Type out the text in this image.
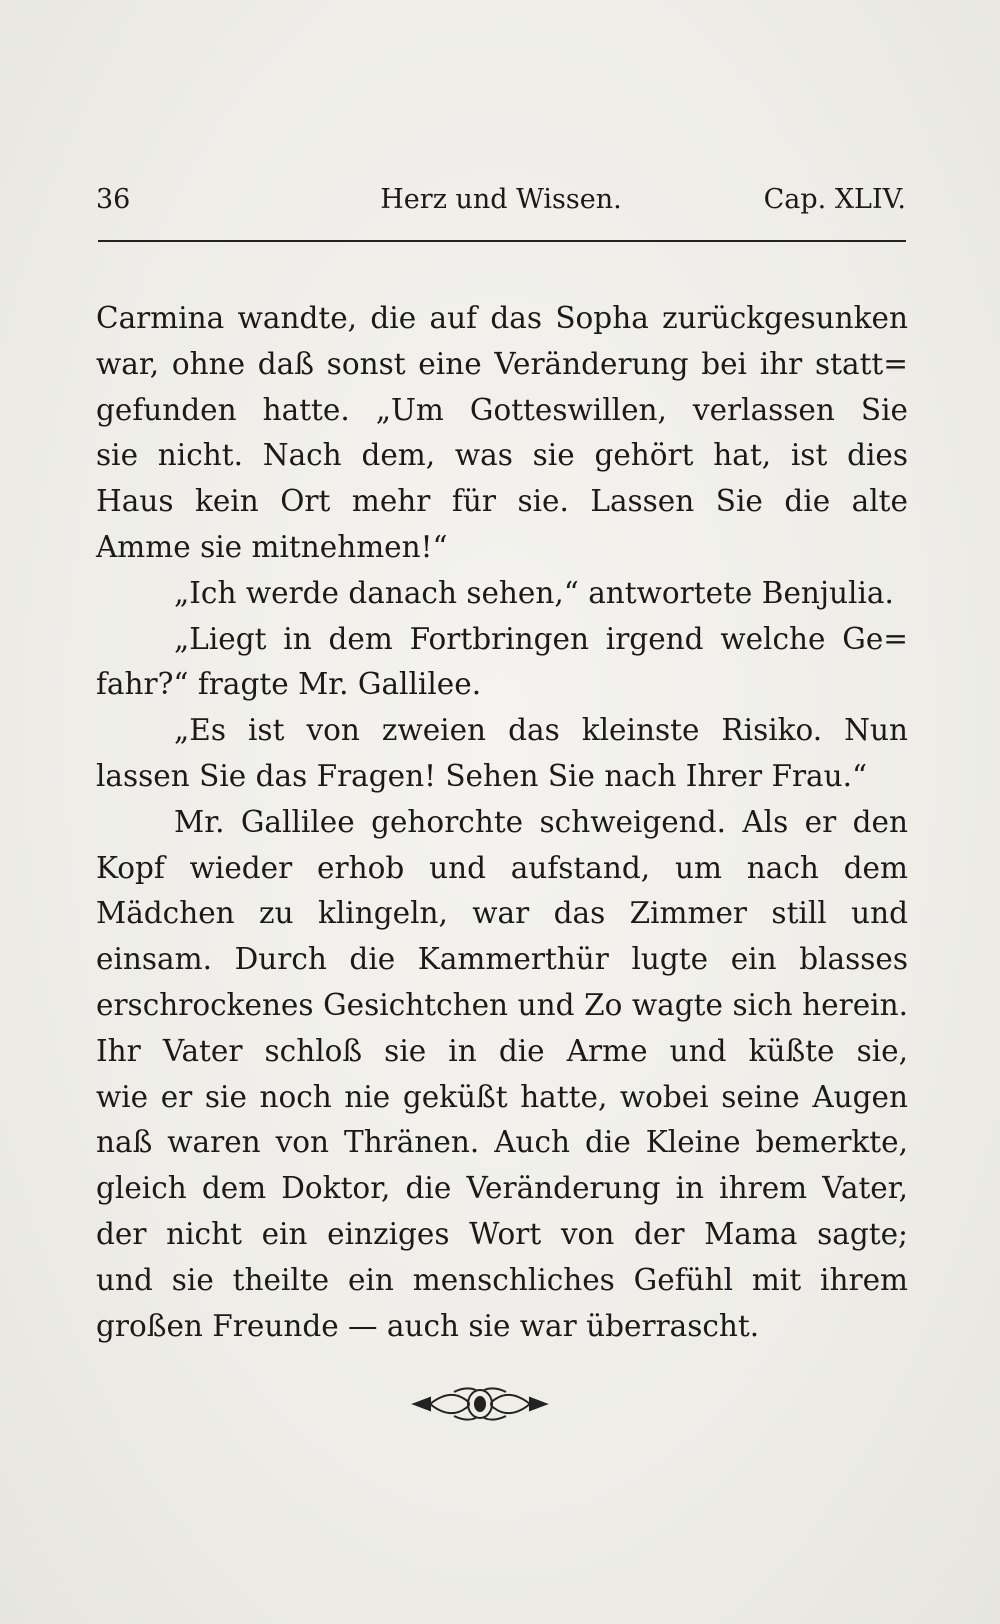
Herz und Wissen.
36	Cap. XLIV.
Carmina wandte, die auf das Sopha zurückgesunken
war, ohne daß sonst eine Veränderung bei ihr statt=
gefunden hatte. „Um Gotteswillen, verlassen Sie
sie nicht. Nach dem, was sie gehört hat, ist dies
Haus kein Ort mehr für sie. Lassen Sie die alte
Amme sie mitnehmen!“
„Ich werde danach sehen,“ antwortete Benjulia.
„Liegt in dem Fortbringen irgend welche Ge=
fahr?“ fragte Mr. Gallilee.
„Es ist von zweien das kleinste Risiko. Nun
lassen Sie das Fragen! Sehen Sie nach Ihrer Frau.“
Mr. Gallilee gehorchte schweigend. Als er den
Kopf wieder erhob und aufstand, um nach dem
Mädchen zu klingeln, war das Zimmer still und
einsam. Durch die Kammerthür lugte ein blasses
erschrockenes Gesichtchen und Zo wagte sich herein.
Ihr Vater schloß sie in die Arme und küßte sie,
wie er sie noch nie geküßt hatte, wobei seine Augen
naß waren von Thränen. Auch die Kleine bemerkte,
gleich dem Doktor, die Veränderung in ihrem Vater,
der nicht ein einziges Wort von der Mama sagte;
und sie theilte ein menschliches Gefühl mit ihrem
großen Freunde — auch sie war überrascht.
